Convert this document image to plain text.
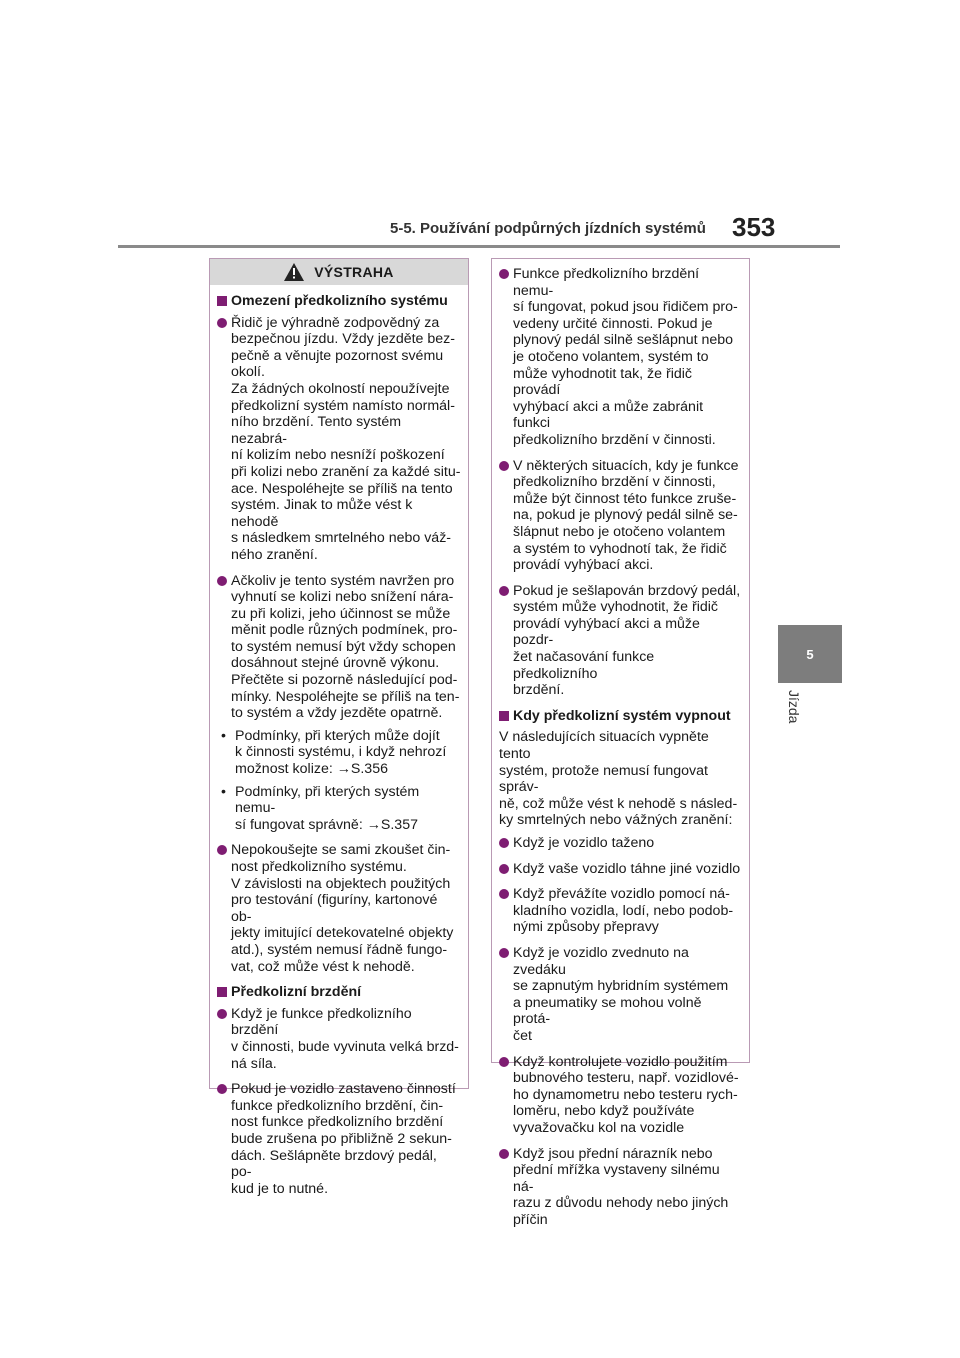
5-5. Používání podpůrných jízdních systémů 353
5
Jízda
VÝSTRAHA
Omezení předkolizního systému
Řidič je výhradně zodpovědný za
bezpečnou jízdu. Vždy jezděte bez-
pečně a věnujte pozornost svému
okolí.
Za žádných okolností nepoužívejte
předkolizní systém namísto normál-
ního brzdění. Tento systém nezabrá-
ní kolizím nebo nesníží poškození
při kolizi nebo zranění za každé situ-
ace. Nespoléhejte se příliš na tento
systém. Jinak to může vést k nehodě
s následkem smrtelného nebo váž-
ného zranění.
Ačkoliv je tento systém navržen pro
vyhnutí se kolizi nebo snížení nára-
zu při kolizi, jeho účinnost se může
měnit podle různých podmínek, pro-
to systém nemusí být vždy schopen
dosáhnout stejné úrovně výkonu.
Přečtěte si pozorně následující pod-
mínky. Nespoléhejte se příliš na ten-
to systém a vždy jezděte opatrně.
• Podmínky, při kterých může dojít
k činnosti systému, i když nehrozí
možnost kolize: →S.356
• Podmínky, při kterých systém nemu-
sí fungovat správně: →S.357
Nepokoušejte se sami zkoušet čin-
nost předkolizního systému.
V závislosti na objektech použitých
pro testování (figuríny, kartonové ob-
jekty imitující detekovatelné objekty
atd.), systém nemusí řádně fungo-
vat, což může vést k nehodě.
Předkolizní brzdění
Když je funkce předkolizního brzdění
v činnosti, bude vyvinuta velká brzd-
ná síla.
Pokud je vozidlo zastaveno činností
funkce předkolizního brzdění, čin-
nost funkce předkolizního brzdění
bude zrušena po přibližně 2 sekun-
dách. Sešlápněte brzdový pedál, po-
kud je to nutné.
Funkce předkolizního brzdění nemu-
sí fungovat, pokud jsou řidičem pro-
vedeny určité činnosti. Pokud je
plynový pedál silně sešlápnut nebo
je otočeno volantem, systém to
může vyhodnotit tak, že řidič provádí
vyhýbací akci a může zabránit funkci
předkolizního brzdění v činnosti.
V některých situacích, kdy je funkce
předkolizního brzdění v činnosti,
může být činnost této funkce zruše-
na, pokud je plynový pedál silně se-
šlápnut nebo je otočeno volantem
a systém to vyhodnotí tak, že řidič
provádí vyhýbací akci.
Pokud je sešlapován brzdový pedál,
systém může vyhodnotit, že řidič
provádí vyhýbací akci a může pozdr-
žet načasování funkce předkolizního
brzdění.
Kdy předkolizní systém vypnout
V následujících situacích vypněte tento
systém, protože nemusí fungovat správ-
ně, což může vést k nehodě s násled-
ky smrtelných nebo vážných zranění:
Když je vozidlo taženo
Když vaše vozidlo táhne jiné vozidlo
Když převážíte vozidlo pomocí ná-
kladního vozidla, lodí, nebo podob-
nými způsoby přepravy
Když je vozidlo zvednuto na zvedáku
se zapnutým hybridním systémem
a pneumatiky se mohou volně protá-
čet
Když kontrolujete vozidlo použitím
bubnového testeru, např. vozidlové-
ho dynamometru nebo testeru rych-
loměru, nebo když používáte
vyvažovačku kol na vozidle
Když jsou přední nárazník nebo
přední mřížka vystaveny silnému ná-
razu z důvodu nehody nebo jiných
příčin
